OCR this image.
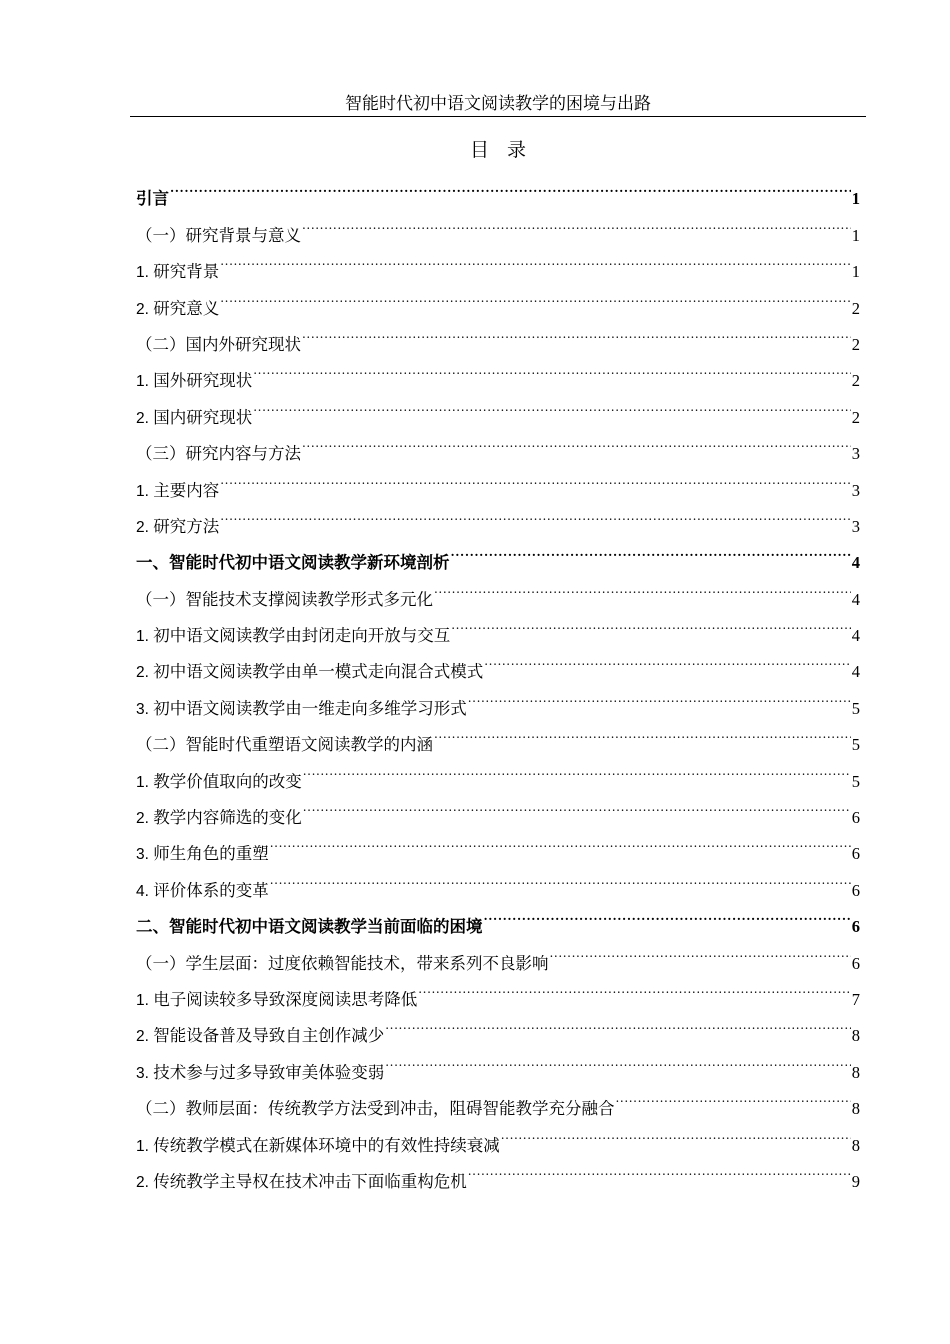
智能时代初中语文阅读教学的困境与出路
目 录
引言 .....	1
（一）研究背景与意义 .....	1
1. 研究背景 .....	1
2. 研究意义 .....	2
（二）国内外研究现状 .....	2
1. 国外研究现状 .....	2
2. 国内研究现状 .....	2
（三）研究内容与方法 .....	3
1. 主要内容 .....	3
2. 研究方法 .....	3
一、智能时代初中语文阅读教学新环境剖析 .....	4
（一）智能技术支撑阅读教学形式多元化 .....	4
1. 初中语文阅读教学由封闭走向开放与交互 .....	4
2. 初中语文阅读教学由单一模式走向混合式模式 .....	4
3. 初中语文阅读教学由一维走向多维学习形式 .....	5
（二）智能时代重塑语文阅读教学的内涵 .....	5
1. 教学价值取向的改变 .....	5
2. 教学内容筛选的变化 .....	6
3. 师生角色的重塑 .....	6
4. 评价体系的变革 .....	6
二、智能时代初中语文阅读教学当前面临的困境 .....	6
（一）学生层面：过度依赖智能技术，带来系列不良影响 .....	6
1. 电子阅读较多导致深度阅读思考降低 .....	7
2. 智能设备普及导致自主创作减少 .....	8
3. 技术参与过多导致审美体验变弱 .....	8
（二）教师层面：传统教学方法受到冲击，阻碍智能教学充分融合 .....	8
1. 传统教学模式在新媒体环境中的有效性持续衰减 .....	8
2. 传统教学主导权在技术冲击下面临重构危机 .....	9
